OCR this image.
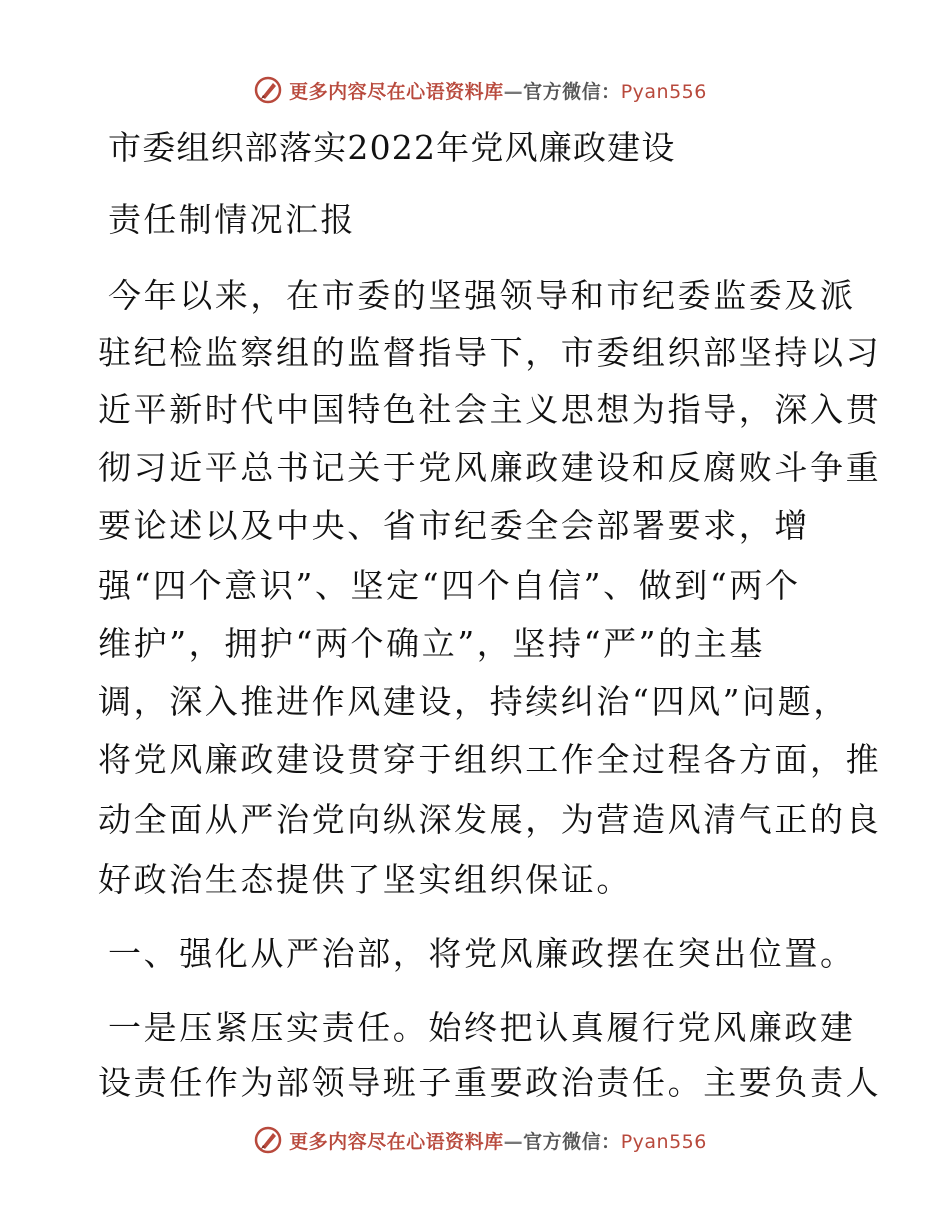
更多内容尽在心语资料库—官方微信：Pyan556
市委组织部落实2022年党风廉政建设
责任制情况汇报
今年以来，在市委的坚强领导和市纪委监委及派
驻纪检监察组的监督指导下，市委组织部坚持以习
近平新时代中国特色社会主义思想为指导，深入贯
彻习近平总书记关于党风廉政建设和反腐败斗争重
要论述以及中央、省市纪委全会部署要求，增
强“四个意识”、坚定“四个自信”、做到“两个
维护”，拥护“两个确立”，坚持“严”的主基
调，深入推进作风建设，持续纠治“四风”问题，
将党风廉政建设贯穿于组织工作全过程各方面，推
动全面从严治党向纵深发展，为营造风清气正的良
好政治生态提供了坚实组织保证。
一、强化从严治部，将党风廉政摆在突出位置。
一是压紧压实责任。始终把认真履行党风廉政建
设责任作为部领导班子重要政治责任。主要负责人
更多内容尽在心语资料库—官方微信：Pyan556
